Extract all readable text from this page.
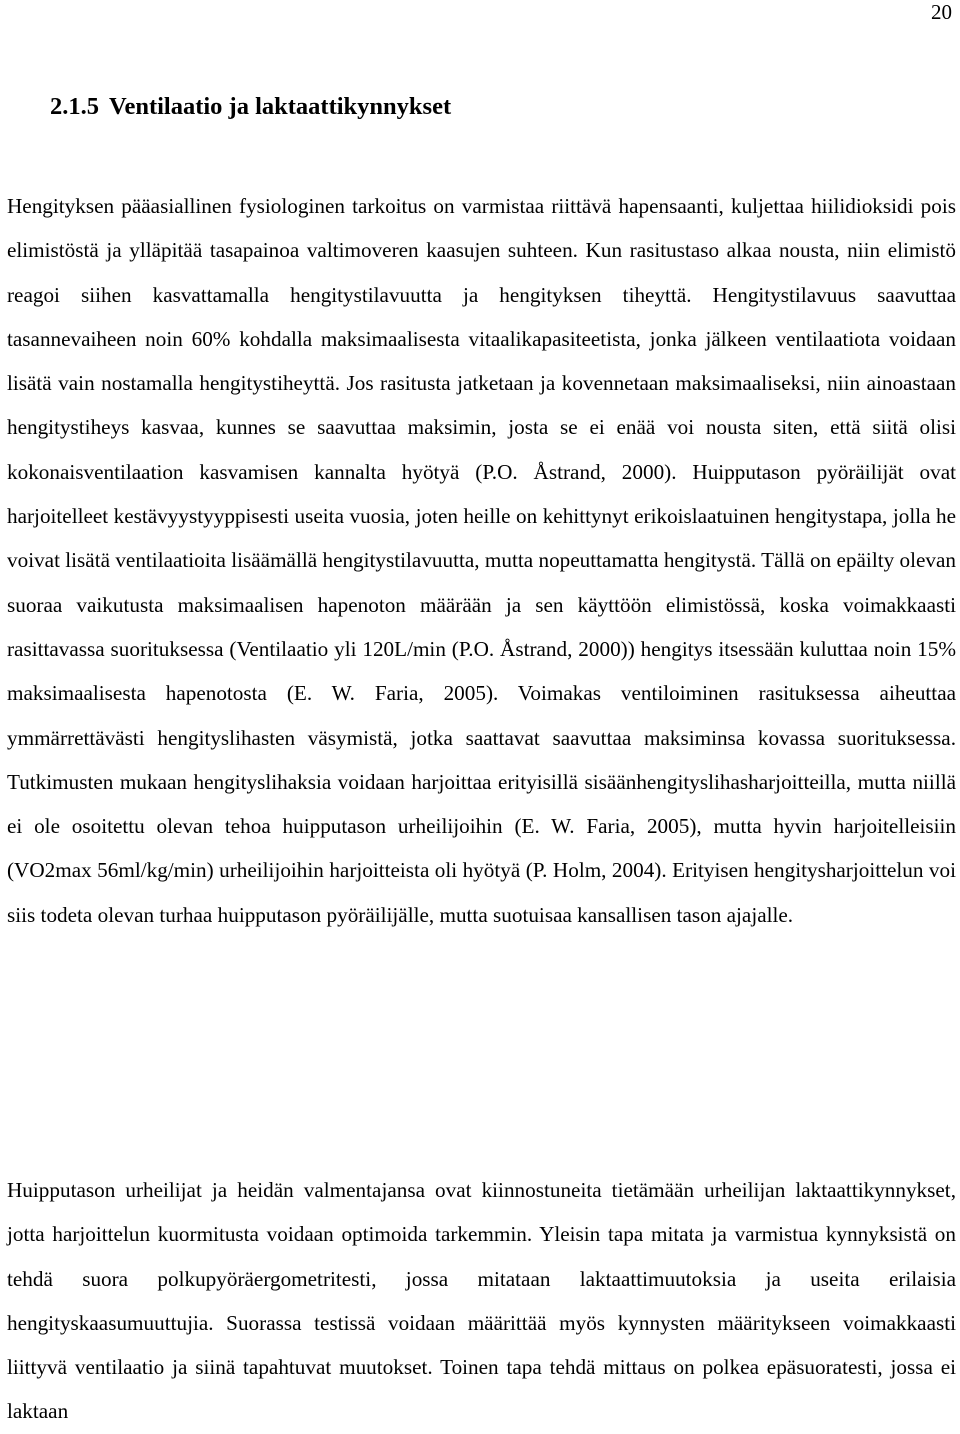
20
2.1.5 Ventilaatio ja laktaattikynnykset

Hengityksen pääasiallinen fysiologinen tarkoitus on varmistaa riittävä hapensaanti, kuljettaa hiilidioksidi pois elimistöstä ja ylläpitää tasapainoa valtimoveren kaasujen suhteen. Kun rasitustaso alkaa nousta, niin elimistö reagoi siihen kasvattamalla hengitystilavuutta ja hengityksen tiheyttä. Hengitystilavuus saavuttaa tasannevaiheen noin 60% kohdalla maksimaalisesta vitaalikapasiteetista, jonka jälkeen ventilaatiota voidaan lisätä vain nostamalla hengitystiheyttä. Jos rasitusta jatketaan ja kovennetaan maksimaaliseksi, niin ainoastaan hengitystiheys kasvaa, kunnes se saavuttaa maksimin, josta se ei enää voi nousta siten, että siitä olisi kokonaisventilaation kasvamisen kannalta hyötyä (P.O. Åstrand, 2000). Huipputason pyöräilijät ovat harjoitelleet kestävyystyyppisesti useita vuosia, joten heille on kehittynyt erikoislaatuinen hengitystapa, jolla he voivat lisätä ventilaatioita lisäämällä hengitystilavuutta, mutta nopeuttamatta hengitystä. Tällä on epäilty olevan suoraa vaikutusta maksimaalisen hapenoton määrään ja sen käyttöön elimistössä, koska voimakkaasti rasittavassa suorituksessa (Ventilaatio yli 120L/min (P.O. Åstrand, 2000)) hengitys itsessään kuluttaa noin 15% maksimaalisesta hapenotosta (E. W. Faria, 2005). Voimakas ventiloiminen rasituksessa aiheuttaa ymmärrettävästi hengityslihasten väsymistä, jotka saattavat saavuttaa maksiminsa kovassa suorituksessa. Tutkimusten mukaan hengityslihaksia voidaan harjoittaa erityisillä sisäänhengityslihasharjoitteilla, mutta niillä ei ole osoitettu olevan tehoa huipputason urheilijoihin (E. W. Faria, 2005), mutta hyvin harjoitelleisiin (VO2max 56ml/kg/min) urheilijoihin harjoitteista oli hyötyä (P. Holm, 2004). Erityisen hengitysharjoittelun voi siis todeta olevan turhaa huipputason pyöräilijälle, mutta suotuisaa kansallisen tason ajajalle.

Huipputason urheilijat ja heidän valmentajansa ovat kiinnostuneita tietämään urheilijan laktaattikynnykset, jotta harjoittelun kuormitusta voidaan optimoida tarkemmin. Yleisin tapa mitata ja varmistua kynnyksistä on tehdä suora polkupyöräergometritesti, jossa mitataan laktaattimuutoksia ja useita erilaisia hengityskaasumuuttujia. Suorassa testissä voidaan määrittää myös kynnysten määritykseen voimakkaasti liittyvä ventilaatio ja siinä tapahtuvat muutokset. Toinen tapa tehdä mittaus on polkea epäsuoratesti, jossa ei laktaan
